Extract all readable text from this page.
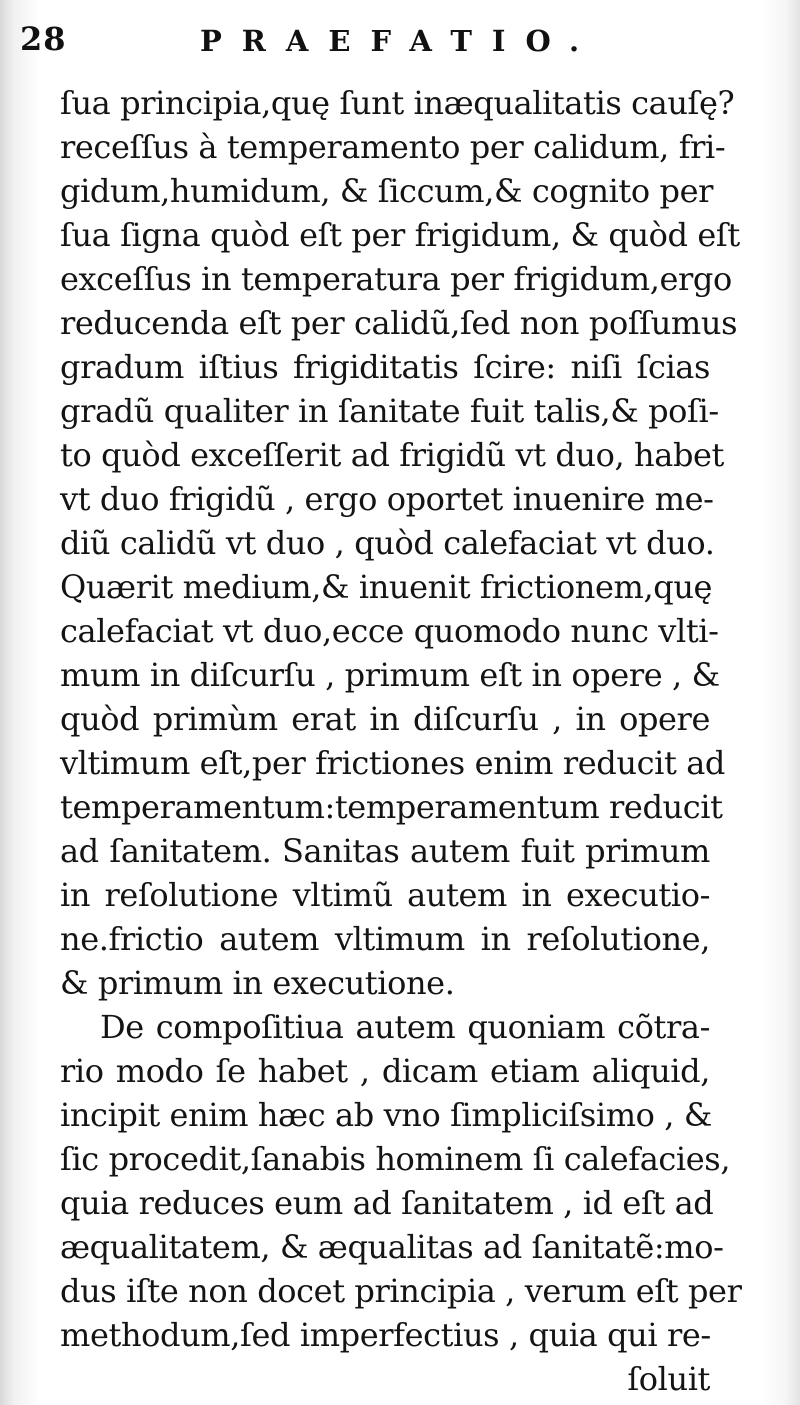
28	PRAEFATIO.
ſua principia,quę ſunt inæqualitatis cauſę?
receſſus à temperamento per calidum, fri-
gidum,humidum, & ſiccum,& cognito per
ſua ſigna quòd eſt per frigidum, & quòd eſt
exceſſus in temperatura per frigidum,ergo
reducenda eſt per calidũ,ſed non poſſumus
gradum iſtius frigiditatis ſcire: niſi ſcias
gradũ qualiter in ſanitate fuit talis,& poſi-
to quòd exceſſerit ad frigidũ vt duo, habet
vt duo frigidũ , ergo oportet inuenire me-
diũ calidũ vt duo , quòd calefaciat vt duo.
Quærit medium,& inuenit frictionem,quę
calefaciat vt duo,ecce quomodo nunc vlti-
mum in diſcurſu , primum eſt in opere , &
quòd primùm erat in diſcurſu , in opere
vltimum eſt,per frictiones enim reducit ad
temperamentum:temperamentum reducit
ad ſanitatem. Sanitas autem fuit primum
in reſolutione vltimũ autem in executio-
ne.frictio autem vltimum in reſolutione,
& primum in executione.
De compoſitiua autem quoniam cõtra-
rio modo ſe habet , dicam etiam aliquid,
incipit enim hæc ab vno ſimpliciſsimo , &
ſic procedit,ſanabis hominem ſi calefacies,
quia reduces eum ad ſanitatem , id eſt ad
æqualitatem, & æqualitas ad ſanitatẽ:mo-
dus iſte non docet principia , verum eſt per
methodum,ſed imperfectius , quia qui re-
ſoluit
